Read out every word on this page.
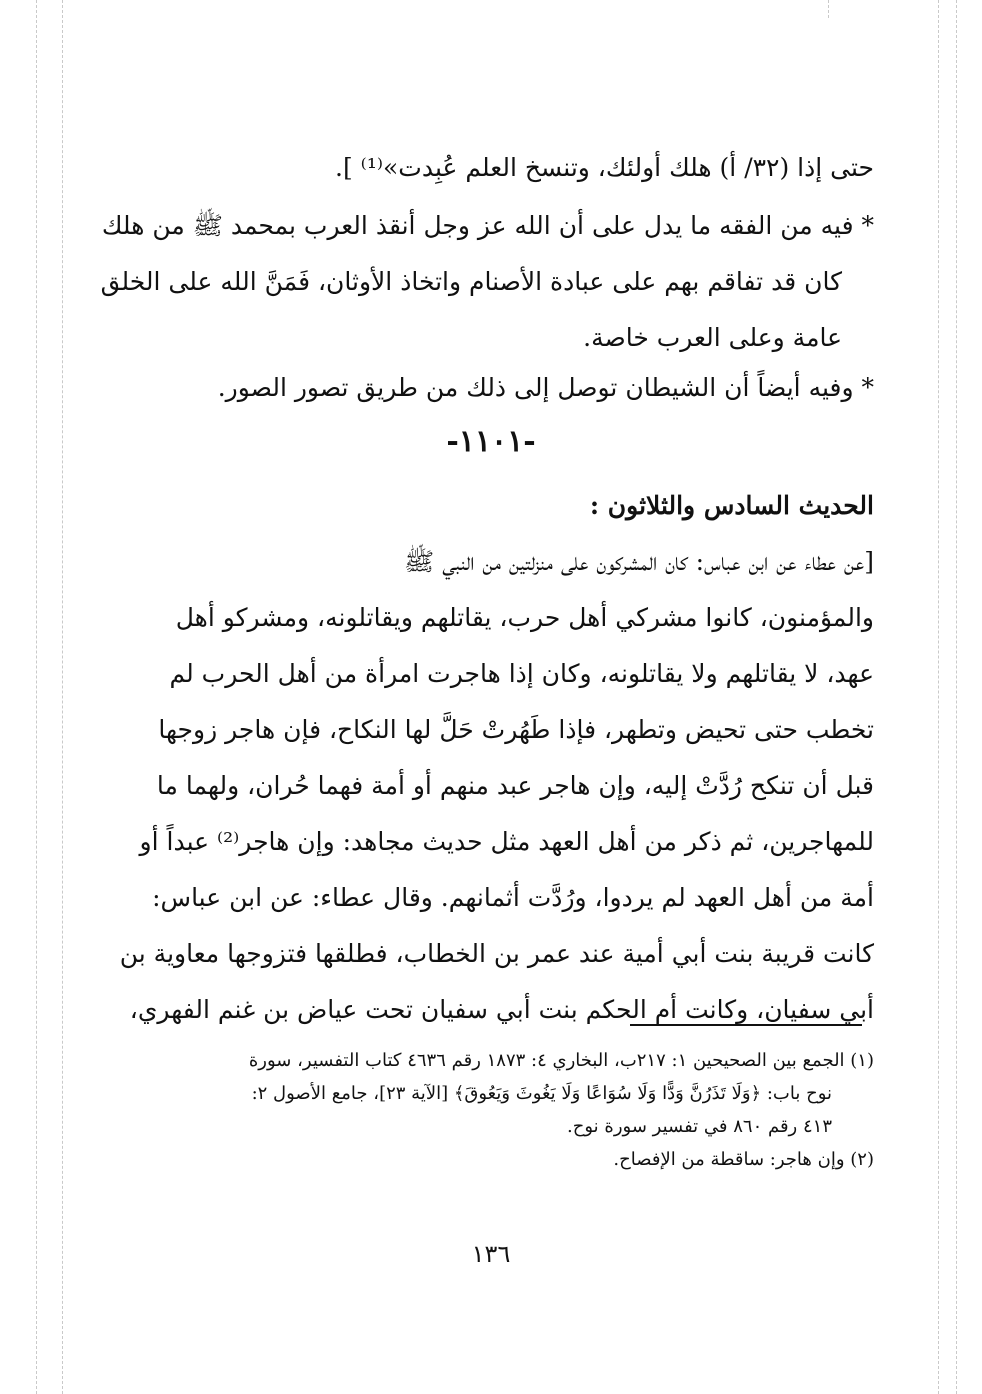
حتى إذا (٣٢/ أ) هلك أولئك، وتنسخ العلم عُبِدت»⁽¹⁾ ].
* فيه من الفقه ما يدل على أن الله عز وجل أنقذ العرب بمحمد ﷺ من هلك
كان قد تفاقم بهم على عبادة الأصنام واتخاذ الأوثان، فَمَنَّ الله على الخلق
عامة وعلى العرب خاصة.
* وفيه أيضاً أن الشيطان توصل إلى ذلك من طريق تصور الصور.
-١١٠١-
الحديث السادس والثلاثون :
[عن عطاء عن ابن عباس: كان المشركون على منزلتين من النبي ﷺ
والمؤمنون، كانوا مشركي أهل حرب، يقاتلهم ويقاتلونه، ومشركو أهل
عهد، لا يقاتلهم ولا يقاتلونه، وكان إذا هاجرت امرأة من أهل الحرب لم
تخطب حتى تحيض وتطهر، فإذا طَهُرتْ حَلَّ لها النكاح، فإن هاجر زوجها
قبل أن تنكح رُدَّتْ إليه، وإن هاجر عبد منهم أو أمة فهما حُران، ولهما ما
للمهاجرين، ثم ذكر من أهل العهد مثل حديث مجاهد: وإن هاجر⁽²⁾ عبداً أو
أمة من أهل العهد لم يردوا، ورُدَّت أثمانهم. وقال عطاء: عن ابن عباس:
كانت قريبة بنت أبي أمية عند عمر بن الخطاب، فطلقها فتزوجها معاوية بن
أبي سفيان، وكانت أم الحكم بنت أبي سفيان تحت عياض بن غنم الفهري،
(١) الجمع بين الصحيحين ١: ٢١٧ب، البخاري ٤: ١٨٧٣ رقم ٤٦٣٦ كتاب التفسير، سورة
نوح باب: ﴿وَلَا تَذَرُنَّ وَدًّا وَلَا سُوَاعًا وَلَا يَغُوثَ وَيَعُوقَ﴾ [الآية ٢٣]، جامع الأصول ٢:
٤١٣ رقم ٨٦٠ في تفسير سورة نوح.
(٢) وإن هاجر: ساقطة من الإفصاح.
١٣٦
